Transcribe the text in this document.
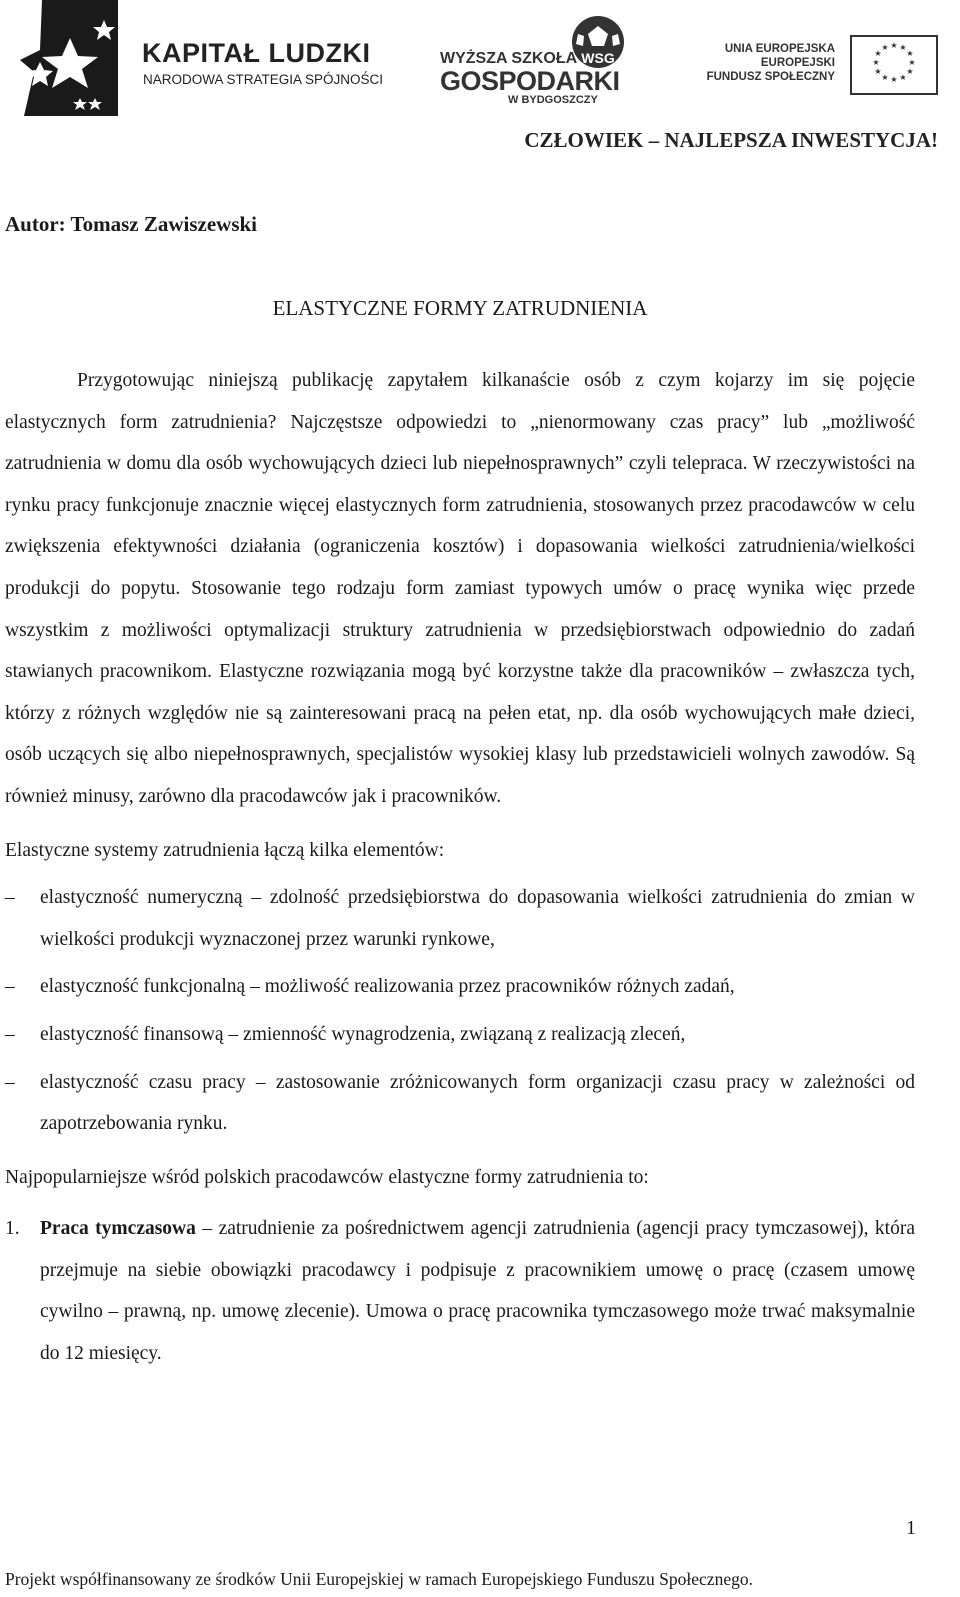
KAPITAŁ LUDZKI
NARODOWA STRATEGIA SPÓJNOŚCI
WSG
WYŻSZA SZKOŁA
GOSPODARKI
W BYDGOSZCZY
UNIA EUROPEJSKA
EUROPEJSKI
FUNDUSZ SPOŁECZNY
★ ★
★
★
★
★
★
★
★
★
★
★
CZŁOWIEK – NAJLEPSZA INWESTYCJA!
Autor: Tomasz Zawiszewski
ELASTYCZNE FORMY ZATRUDNIENIA

Przygotowując niniejszą publikację zapytałem kilkanaście osób z czym kojarzy im się pojęcie elastycznych form zatrudnienia? Najczęstsze odpowiedzi to „nienormowany czas pracy” lub „możliwość zatrudnienia w domu dla osób wychowujących dzieci lub niepełnosprawnych” czyli telepraca. W rzeczywistości na rynku pracy funkcjonuje znacznie więcej elastycznych form zatrudnienia, stosowanych przez pracodawców w celu zwiększenia efektywności działania (ograniczenia kosztów) i dopasowania wielkości zatrudnienia/wielkości produkcji do popytu. Stosowanie tego rodzaju form zamiast typowych umów o pracę wynika więc przede wszystkim z możliwości optymalizacji struktury zatrudnienia w przedsiębiorstwach odpowiednio do zadań stawianych pracownikom. Elastyczne rozwiązania mogą być korzystne także dla pracowników – zwłaszcza tych, którzy z różnych względów nie są zainteresowani pracą na pełen etat, np. dla osób wychowujących małe dzieci, osób uczących się albo niepełnosprawnych, specjalistów wysokiej klasy lub przedstawicieli wolnych zawodów. Są również minusy, zarówno dla pracodawców jak i pracowników.

Elastyczne systemy zatrudnienia łączą kilka elementów:

– elastyczność numeryczną – zdolność przedsiębiorstwa do dopasowania wielkości zatrudnienia do zmian w wielkości produkcji wyznaczonej przez warunki rynkowe,
– elastyczność funkcjonalną – możliwość realizowania przez pracowników różnych zadań,
– elastyczność finansową – zmienność wynagrodzenia, związaną z realizacją zleceń,
– elastyczność czasu pracy – zastosowanie zróżnicowanych form organizacji czasu pracy w zależności od zapotrzebowania rynku.

Najpopularniejsze wśród polskich pracodawców elastyczne formy zatrudnienia to:

1. Praca tymczasowa – zatrudnienie za pośrednictwem agencji zatrudnienia (agencji pracy tymczasowej), która przejmuje na siebie obowiązki pracodawcy i podpisuje z pracownikiem umowę o pracę (czasem umowę cywilno – prawną, np. umowę zlecenie). Umowa o pracę pracownika tymczasowego może trwać maksymalnie do 12 miesięcy.
1
Projekt współfinansowany ze środków Unii Europejskiej w ramach Europejskiego Funduszu Społecznego.
